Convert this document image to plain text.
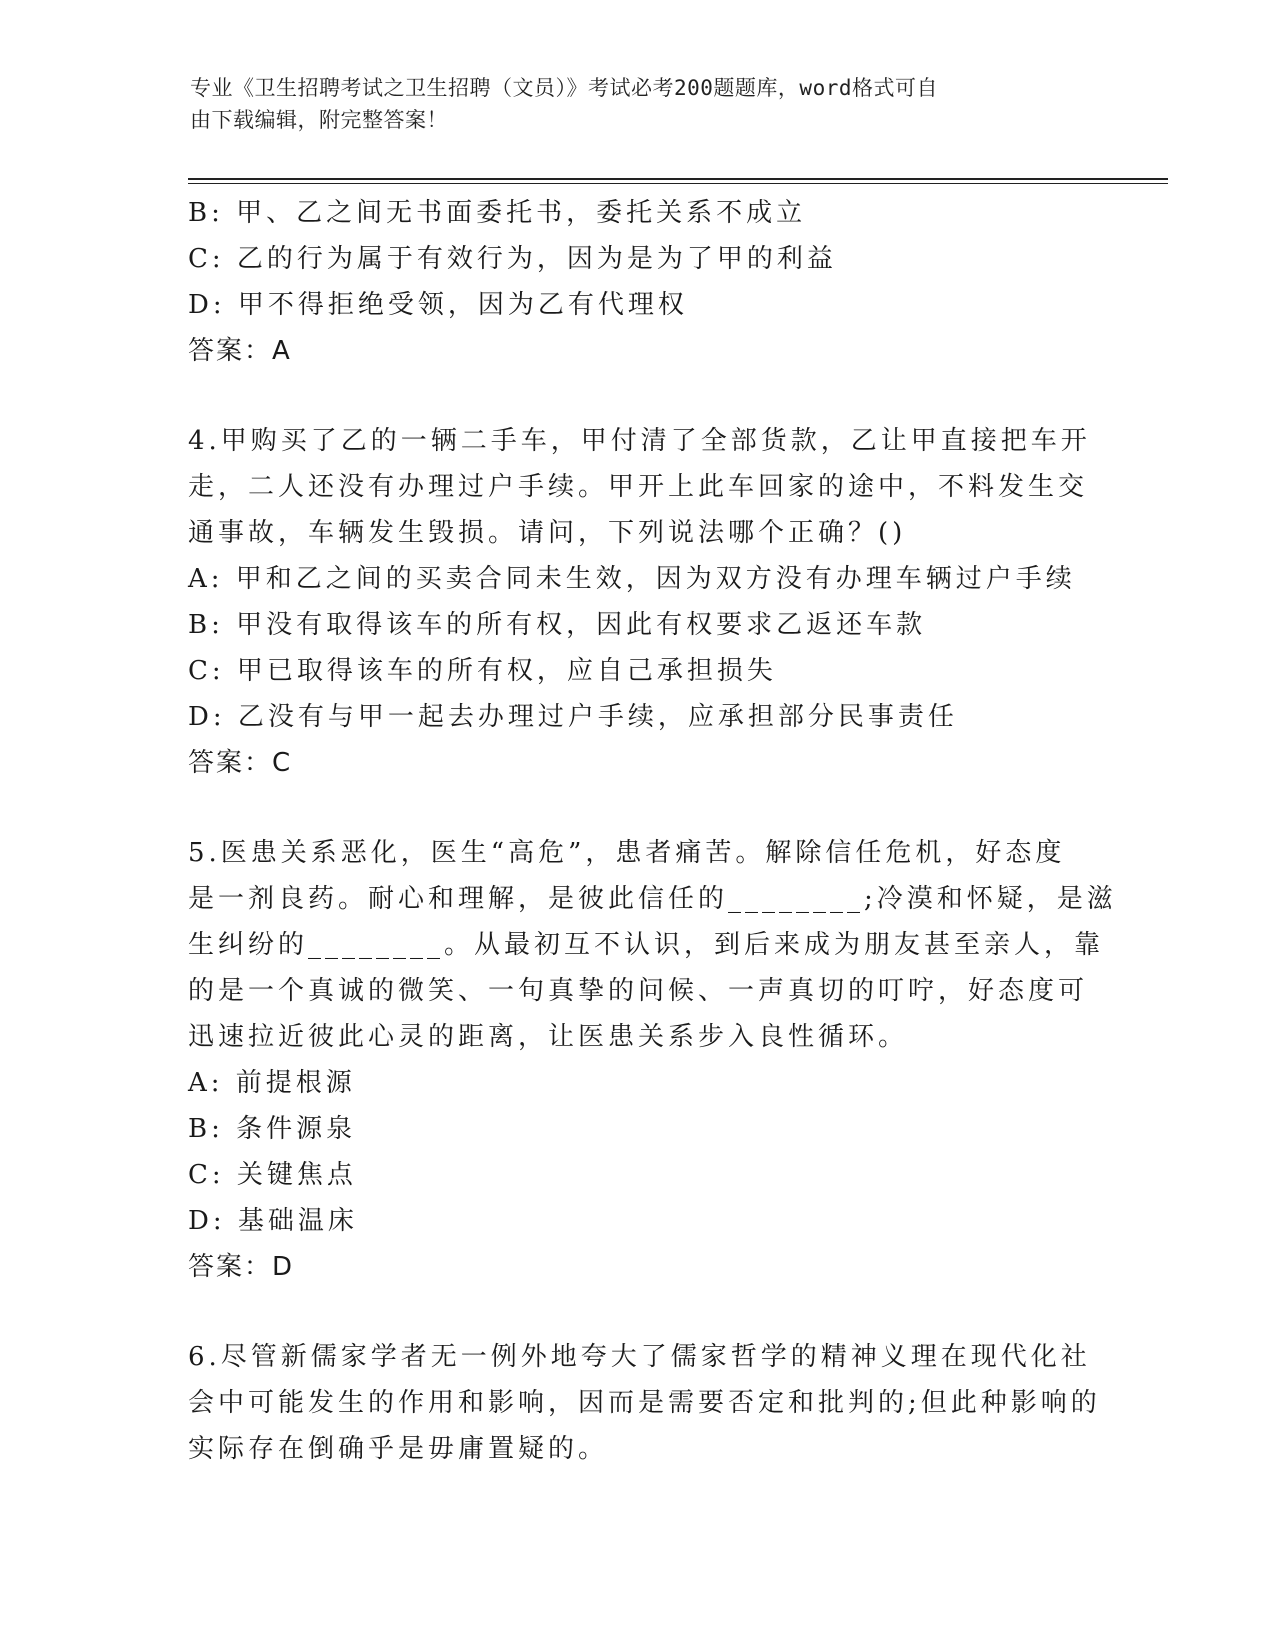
专业《卫生招聘考试之卫生招聘（文员）》考试必考200题题库，word格式可自
由下载编辑，附完整答案！
B: 甲、乙之间无书面委托书，委托关系不成立
C: 乙的行为属于有效行为，因为是为了甲的利益
D: 甲不得拒绝受领，因为乙有代理权
答案：A
4.甲购买了乙的一辆二手车，甲付清了全部货款，乙让甲直接把车开
走，二人还没有办理过户手续。甲开上此车回家的途中，不料发生交
通事故，车辆发生毁损。请问，下列说法哪个正确？()
A: 甲和乙之间的买卖合同未生效，因为双方没有办理车辆过户手续
B: 甲没有取得该车的所有权，因此有权要求乙返还车款
C: 甲已取得该车的所有权，应自己承担损失
D: 乙没有与甲一起去办理过户手续，应承担部分民事责任
答案：C
5.医患关系恶化，医生“高危”，患者痛苦。解除信任危机，好态度
是一剂良药。耐心和理解，是彼此信任的________;冷漠和怀疑，是滋
生纠纷的________。从最初互不认识，到后来成为朋友甚至亲人，靠
的是一个真诚的微笑、一句真挚的问候、一声真切的叮咛，好态度可
迅速拉近彼此心灵的距离，让医患关系步入良性循环。
A: 前提根源
B: 条件源泉
C: 关键焦点
D: 基础温床
答案：D
6.尽管新儒家学者无一例外地夸大了儒家哲学的精神义理在现代化社
会中可能发生的作用和影响，因而是需要否定和批判的;但此种影响的
实际存在倒确乎是毋庸置疑的。
